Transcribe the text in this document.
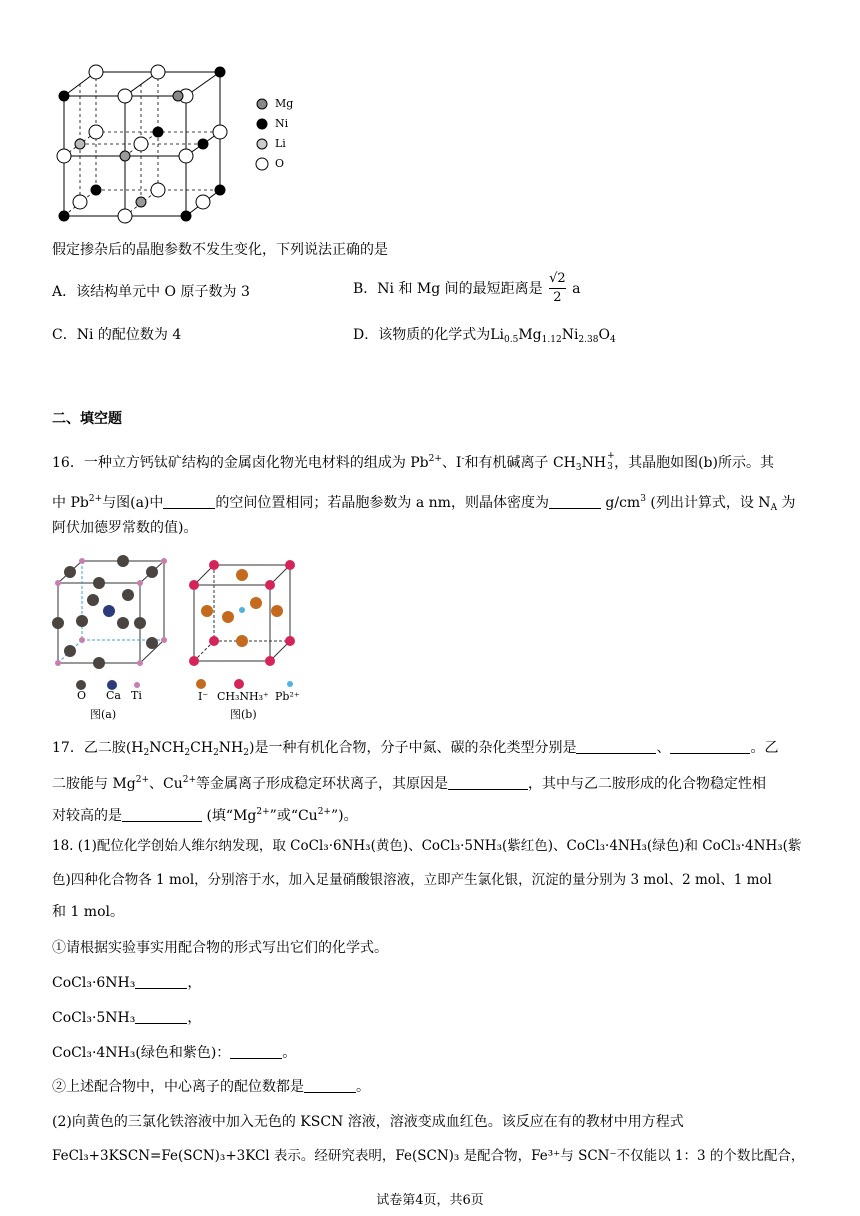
Mg
Ni
Li
O
假定掺杂后的晶胞参数不发生变化，下列说法正确的是
A．该结构单元中 O 原子数为 3	B．Ni 和 Mg 间的最短距离是 $\frac{√2}{2}$ a
C．Ni 的配位数为 4	D．该物质的化学式为$Li_{0.5}Mg_{1.12}Ni_{2.38}O_4$
二、填空题
16．一种立方钙钛矿结构的金属卤化物光电材料的组成为 $Pb^{2+}$、I-和有机碱离子 $CH_3NH$ +
3 ，其晶胞如图(b)所示。其
中 $Pb^{2+}$与图(a)中	的空间位置相同；若晶胞参数为 a nm，则晶体密度为	$g/cm^3$ (列出计算式，设 $N_A$ 为
阿伏加德罗常数的值)。
O Ca Ti
图(a)
I⁻ CH₃NH₃⁺ Pb²⁺
图(b)
17．乙二胺$(H_2NCH_2CH_2NH_2)$是一种有机化合物，分子中氮、碳的杂化类型分别是	、	。乙
二胺能与 $Mg^{2+}$、$Cu^{2+}$等金属离子形成稳定环状离子，其原因是	，其中与乙二胺形成的化合物稳定性相
对较高的是	(填“$Mg^{2+}$”或“$Cu^{2+}$”)。
18. (1)配位化学创始人维尔纳发现，取 CoCl₃·6NH₃(黄色)、CoCl₃·5NH₃(紫红色)、CoCl₃·4NH₃(绿色)和 CoCl₃·4NH₃(紫
色)四种化合物各 1 mol，分别溶于水，加入足量硝酸银溶液，立即产生氯化银，沉淀的量分别为 3 mol、2 mol、1 mol
和 1 mol。
①请根据实验事实用配合物的形式写出它们的化学式。
CoCl₃·6NH₃	，
CoCl₃·5NH₃	，
CoCl₃·4NH₃(绿色和紫色)：	。
②上述配合物中，中心离子的配位数都是	。
(2)向黄色的三氯化铁溶液中加入无色的 KSCN 溶液，溶液变成血红色。该反应在有的教材中用方程式
FeCl₃+3KSCN=Fe(SCN)₃+3KCl 表示。经研究表明，Fe(SCN)₃ 是配合物，Fe³⁺与 SCN⁻不仅能以 1：3 的个数比配合，
试卷第4页，共6页
